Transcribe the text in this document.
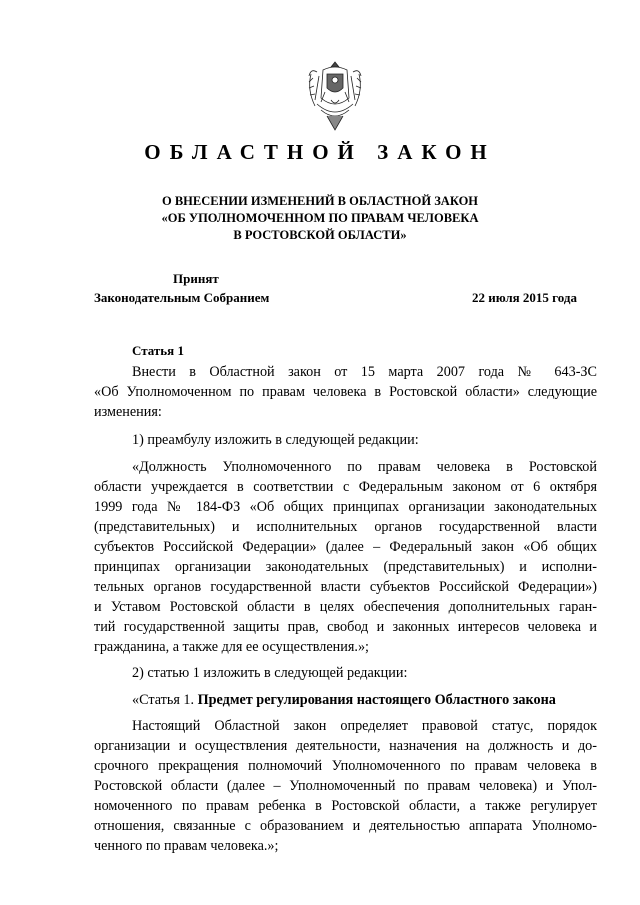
ОБЛАСТНОЙ ЗАКОН
О ВНЕСЕНИИ ИЗМЕНЕНИЙ В ОБЛАСТНОЙ ЗАКОН
«ОБ УПОЛНОМОЧЕННОМ ПО ПРАВАМ ЧЕЛОВЕКА
В РОСТОВСКОЙ ОБЛАСТИ»
Принят
Законодательным Собранием	22 июля 2015 года
Статья 1
Внести в Областной закон от 15 марта 2007 года № 643-ЗС
«Об Уполномоченном по правам человека в Ростовской области» следующие
изменения:
1) преамбулу изложить в следующей редакции:
«Должность Уполномоченного по правам человека в Ростовской
области учреждается в соответствии с Федеральным законом от 6 октября
1999 года № 184-ФЗ «Об общих принципах организации законодательных
(представительных) и исполнительных органов государственной власти
субъектов Российской Федерации» (далее – Федеральный закон «Об общих
принципах организации законодательных (представительных) и исполни-
тельных органов государственной власти субъектов Российской Федерации»)
и Уставом Ростовской области в целях обеспечения дополнительных гаран-
тий государственной защиты прав, свобод и законных интересов человека и
гражданина, а также для ее осуществления.»;
2) статью 1 изложить в следующей редакции:
«Статья 1. Предмет регулирования настоящего Областного закона
Настоящий Областной закон определяет правовой статус, порядок
организации и осуществления деятельности, назначения на должность и до-
срочного прекращения полномочий Уполномоченного по правам человека в
Ростовской области (далее – Уполномоченный по правам человека) и Упол-
номоченного по правам ребенка в Ростовской области, а также регулирует
отношения, связанные с образованием и деятельностью аппарата Уполномо-
ченного по правам человека.»;
